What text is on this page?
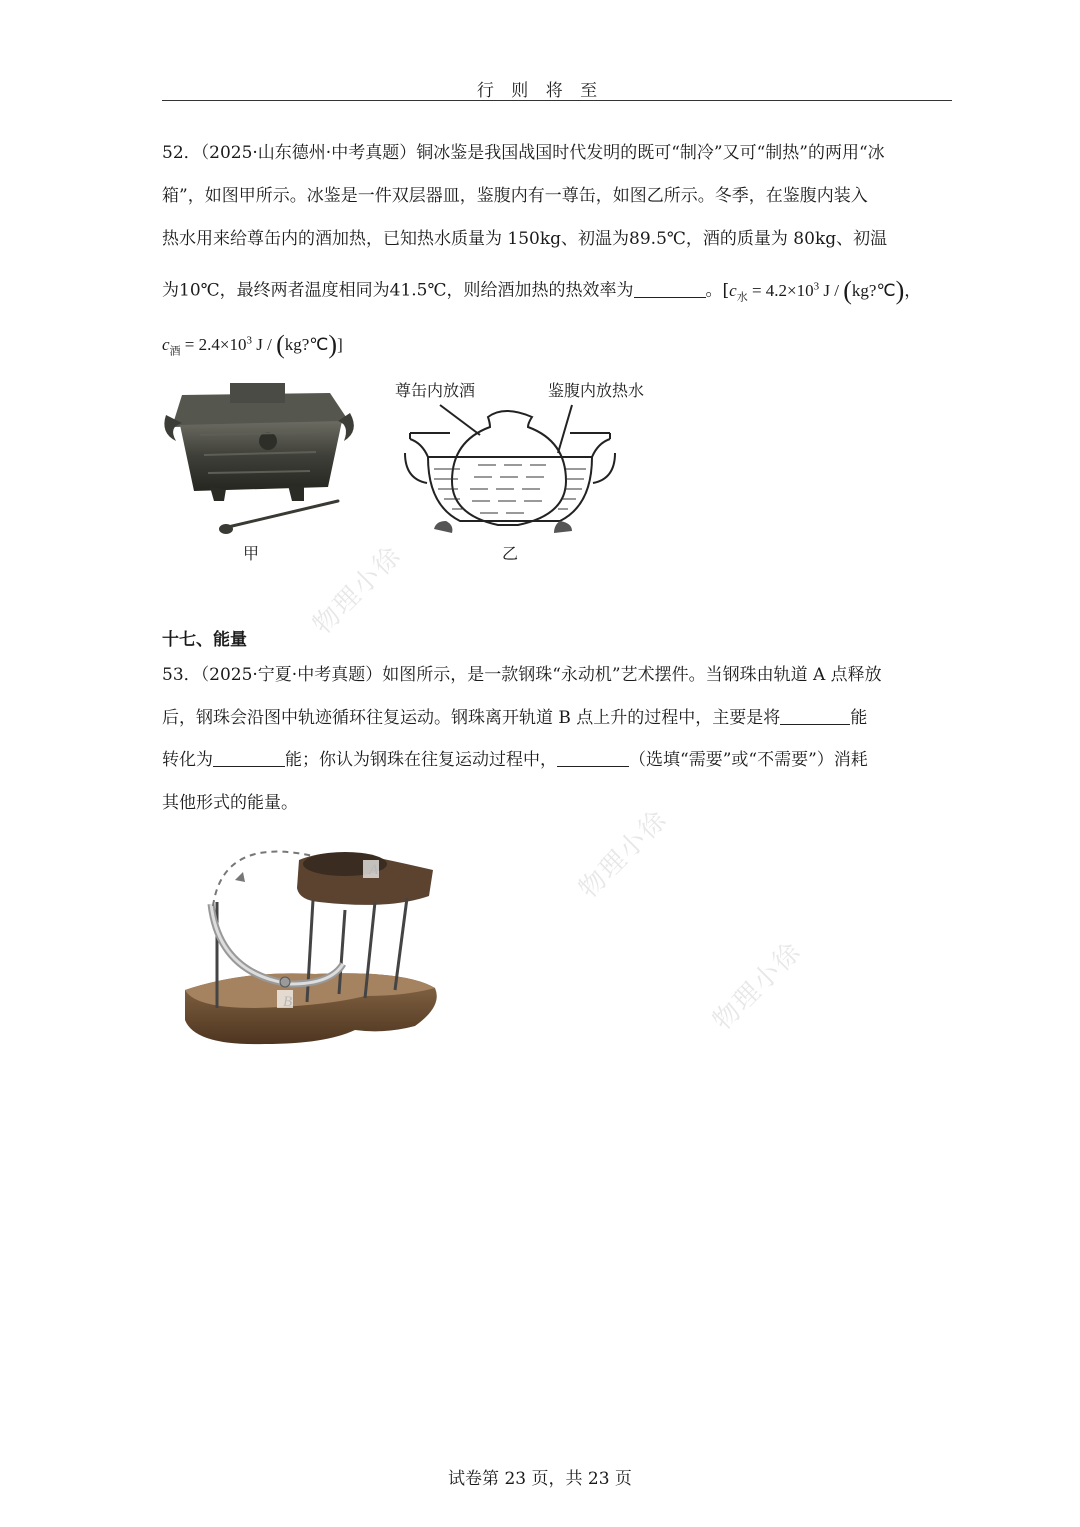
行 则 将 至
52．（2025·山东德州·中考真题）铜冰鉴是我国战国时代发明的既可“制冷”又可“制热”的两用“冰
箱”，如图甲所示。冰鉴是一件双层器皿，鉴腹内有一尊缶，如图乙所示。冬季，在鉴腹内装入
热水用来给尊缶内的酒加热，已知热水质量为 150kg、初温为89.5℃，酒的质量为 80kg、初温
为10℃，最终两者温度相同为41.5℃，则给酒加热的热效率为	。[$c_水 = 4.2\times 10^3$ J / (kg?℃)，
$c_酒 = 2.4\times 10^3$ J / (kg?℃)]
甲
尊缶内放酒	鉴腹内放热水
乙
十七、能量
53．（2025·宁夏·中考真题）如图所示，是一款钢珠“永动机”艺术摆件。当钢珠由轨道 A 点释放
后，钢珠会沿图中轨迹循环往复运动。钢珠离开轨道 B 点上升的过程中，主要是将	能
转化为	能；你认为钢珠在往复运动过程中，	（选填“需要”或“不需要”）消耗
其他形式的能量。
物理小徐
物理小徐
物理小徐
试卷第 23 页，共 23 页
